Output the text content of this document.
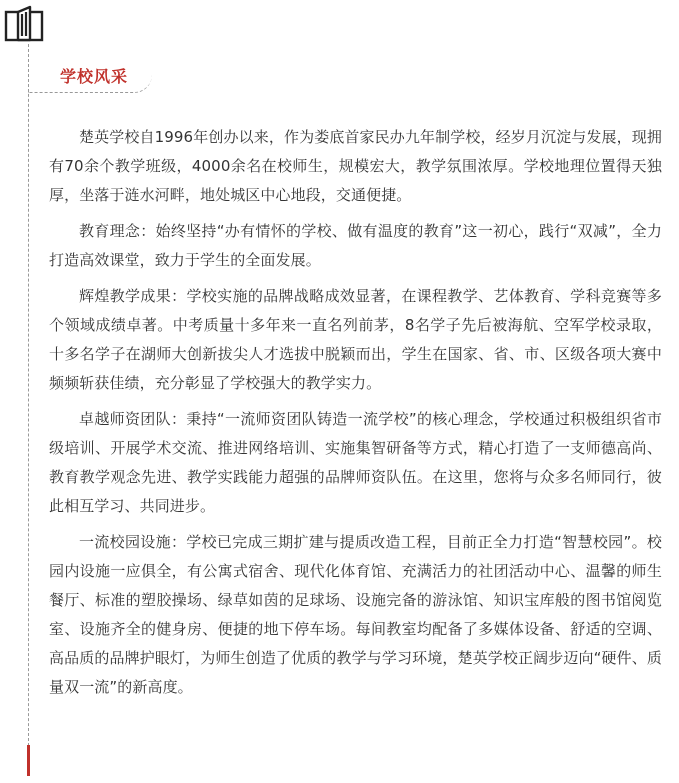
学校风采

楚英学校自1996年创办以来，作为娄底首家民办九年制学校，经岁月沉淀与发展，现拥有70余个教学班级，4000余名在校师生，规模宏大，教学氛围浓厚。学校地理位置得天独厚，坐落于涟水河畔，地处城区中心地段，交通便捷。

教育理念：始终坚持“办有情怀的学校、做有温度的教育”这一初心，践行“双减”，全力打造高效课堂，致力于学生的全面发展。

辉煌教学成果：学校实施的品牌战略成效显著，在课程教学、艺体教育、学科竞赛等多个领域成绩卓著。中考质量十多年来一直名列前茅，8名学子先后被海航、空军学校录取，十多名学子在湖师大创新拔尖人才选拔中脱颖而出，学生在国家、省、市、区级各项大赛中频频斩获佳绩，充分彰显了学校强大的教学实力。

卓越师资团队：秉持“一流师资团队铸造一流学校”的核心理念，学校通过积极组织省市级培训、开展学术交流、推进网络培训、实施集智研备等方式，精心打造了一支师德高尚、教育教学观念先进、教学实践能力超强的品牌师资队伍。在这里，您将与众多名师同行，彼此相互学习、共同进步。

一流校园设施：学校已完成三期扩建与提质改造工程，目前正全力打造“智慧校园”。校园内设施一应俱全，有公寓式宿舍、现代化体育馆、充满活力的社团活动中心、温馨的师生餐厅、标准的塑胶操场、绿草如茵的足球场、设施完备的游泳馆、知识宝库般的图书馆阅览室、设施齐全的健身房、便捷的地下停车场。每间教室均配备了多媒体设备、舒适的空调、高品质的品牌护眼灯，为师生创造了优质的教学与学习环境，楚英学校正阔步迈向“硬件、质量双一流”的新高度。
